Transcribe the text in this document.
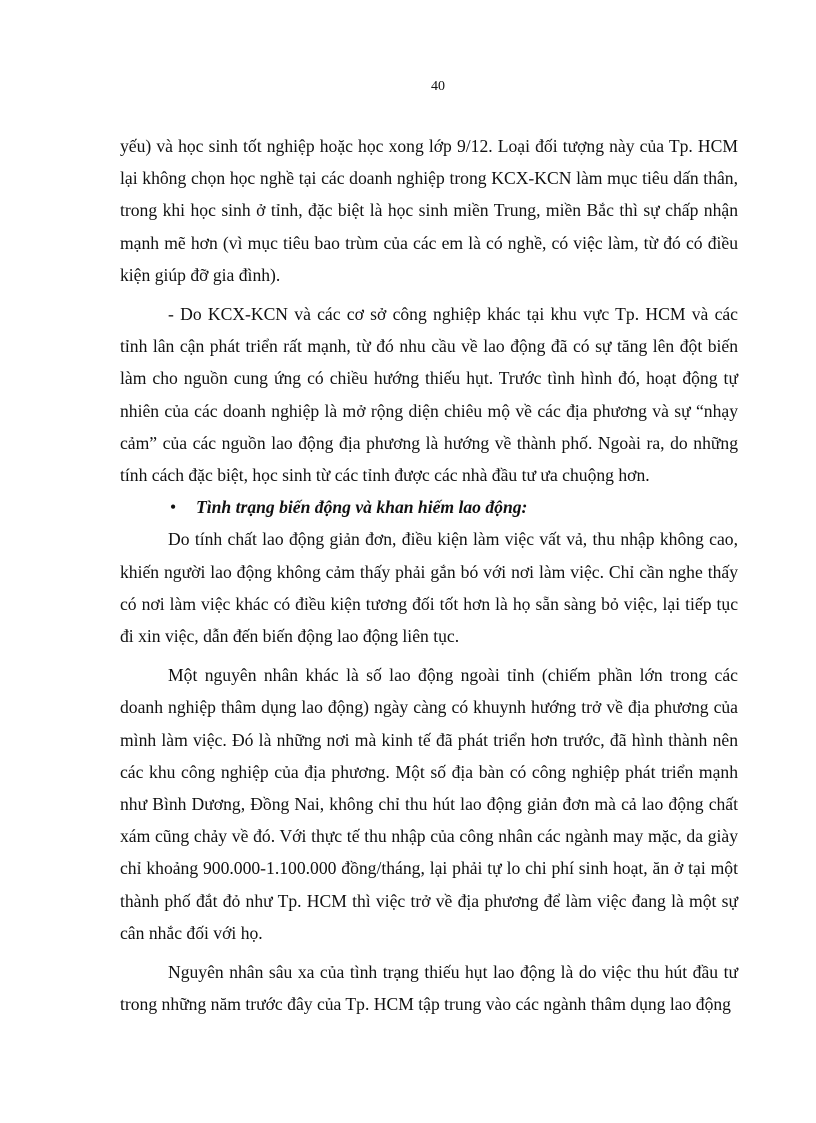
40

yếu) và học sinh tốt nghiệp hoặc học xong lớp 9/12. Loại đối tượng này của Tp. HCM lại không chọn học nghề tại các doanh nghiệp trong KCX-KCN làm mục tiêu dấn thân, trong khi học sinh ở tỉnh, đặc biệt là học sinh miền Trung, miền Bắc thì sự chấp nhận mạnh mẽ hơn (vì mục tiêu bao trùm của các em là có nghề, có việc làm, từ đó có điều kiện giúp đỡ gia đình).

- Do KCX-KCN và các cơ sở công nghiệp khác tại khu vực Tp. HCM và các tỉnh lân cận phát triển rất mạnh, từ đó nhu cầu về lao động đã có sự tăng lên đột biến làm cho nguồn cung ứng có chiều hướng thiếu hụt. Trước tình hình đó, hoạt động tự nhiên của các doanh nghiệp là mở rộng diện chiêu mộ về các địa phương và sự “nhạy cảm” của các nguồn lao động địa phương là hướng về thành phố. Ngoài ra, do những tính cách đặc biệt, học sinh từ các tỉnh được các nhà đầu tư ưa chuộng hơn.

• Tình trạng biến động và khan hiếm lao động:

Do tính chất lao động giản đơn, điều kiện làm việc vất vả, thu nhập không cao, khiến người lao động không cảm thấy phải gắn bó với nơi làm việc. Chỉ cần nghe thấy có nơi làm việc khác có điều kiện tương đối tốt hơn là họ sẵn sàng bỏ việc, lại tiếp tục đi xin việc, dẫn đến biến động lao động liên tục.

Một nguyên nhân khác là số lao động ngoài tỉnh (chiếm phần lớn trong các doanh nghiệp thâm dụng lao động) ngày càng có khuynh hướng trở về địa phương của mình làm việc. Đó là những nơi mà kinh tế đã phát triển hơn trước, đã hình thành nên các khu công nghiệp của địa phương. Một số địa bàn có công nghiệp phát triển mạnh như Bình Dương, Đồng Nai, không chỉ thu hút lao động giản đơn mà cả lao động chất xám cũng chảy về đó. Với thực tế thu nhập của công nhân các ngành may mặc, da giày chỉ khoảng 900.000-1.100.000 đồng/tháng, lại phải tự lo chi phí sinh hoạt, ăn ở tại một thành phố đắt đỏ như Tp. HCM thì việc trở về địa phương để làm việc đang là một sự cân nhắc đối với họ.

Nguyên nhân sâu xa của tình trạng thiếu hụt lao động là do việc thu hút đầu tư trong những năm trước đây của Tp. HCM tập trung vào các ngành thâm dụng lao động
